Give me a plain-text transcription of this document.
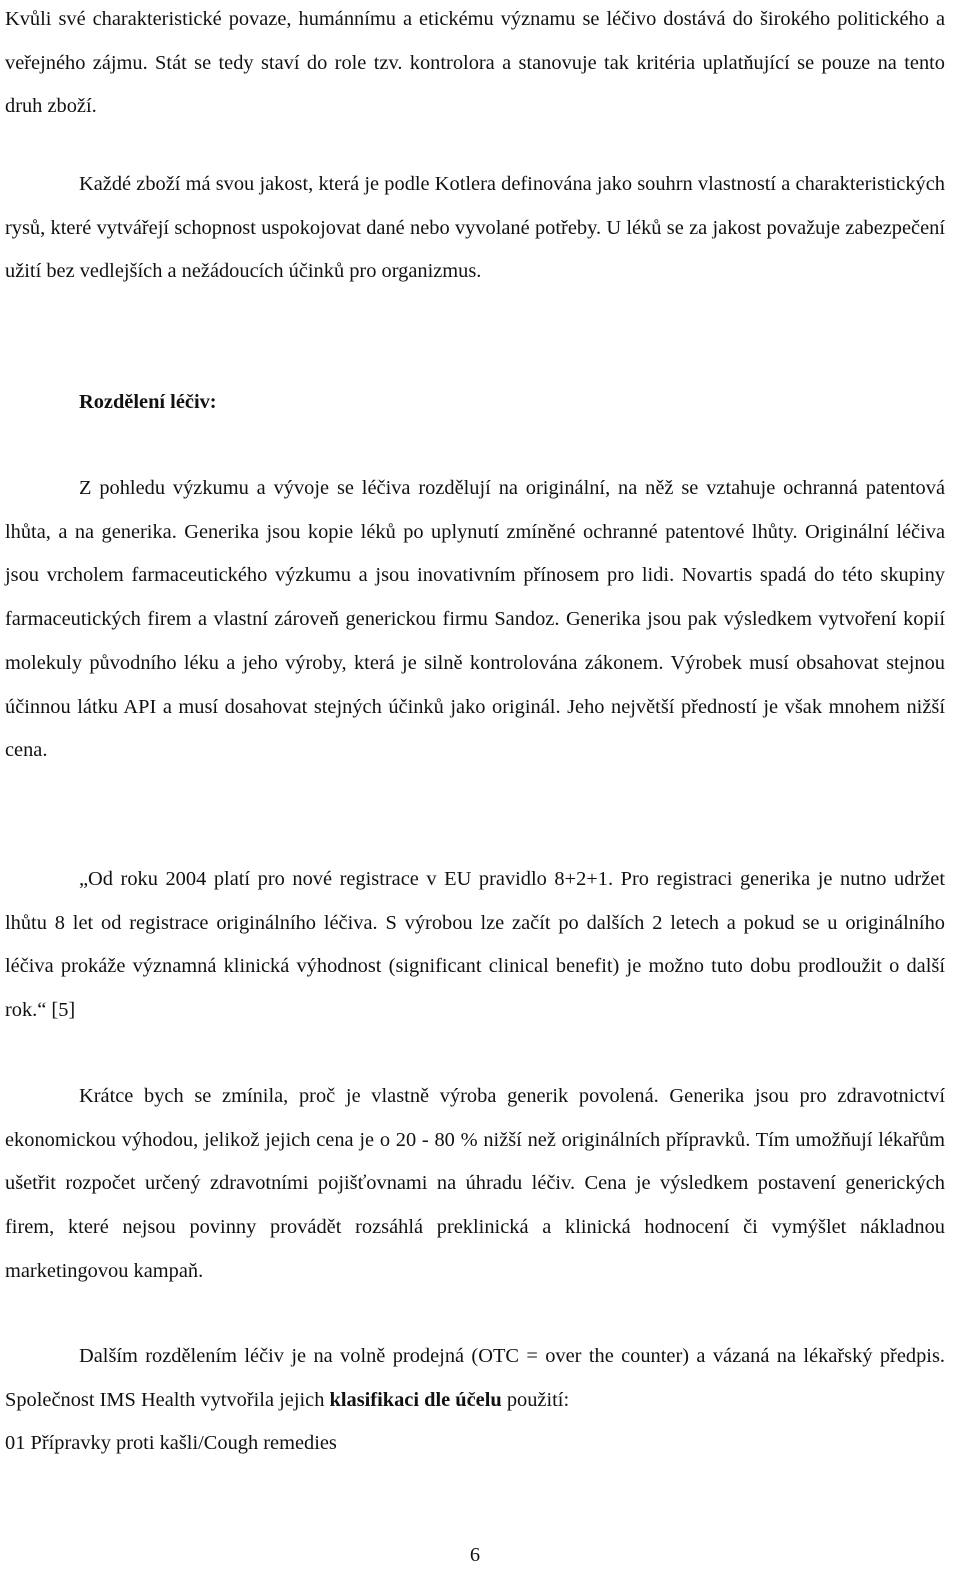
Kvůli své charakteristické povaze, humánnímu a etickému významu se léčivo dostává do širokého politického a veřejného zájmu. Stát se tedy staví do role tzv. kontrolora a stanovuje tak kritéria uplatňující se pouze na tento druh zboží.

Každé zboží má svou jakost, která je podle Kotlera definována jako souhrn vlastností a charakteristických rysů, které vytvářejí schopnost uspokojovat dané nebo vyvolané potřeby. U léků se za jakost považuje zabezpečení užití bez vedlejších a nežádoucích účinků pro organizmus.

Rozdělení léčiv:

Z pohledu výzkumu a vývoje se léčiva rozdělují na originální, na něž se vztahuje ochranná patentová lhůta, a na generika. Generika jsou kopie léků po uplynutí zmíněné ochranné patentové lhůty. Originální léčiva jsou vrcholem farmaceutického výzkumu a jsou inovativním přínosem pro lidi. Novartis spadá do této skupiny farmaceutických firem a vlastní zároveň generickou firmu Sandoz. Generika jsou pak výsledkem vytvoření kopií molekuly původního léku a jeho výroby, která je silně kontrolována zákonem. Výrobek musí obsahovat stejnou účinnou látku API a musí dosahovat stejných účinků jako originál. Jeho největší předností je však mnohem nižší cena.

„Od roku 2004 platí pro nové registrace v EU pravidlo 8+2+1. Pro registraci generika je nutno udržet lhůtu 8 let od registrace originálního léčiva. S výrobou lze začít po dalších 2 letech a pokud se u originálního léčiva prokáže významná klinická výhodnost (significant clinical benefit) je možno tuto dobu prodloužit o další rok.“ [5]

Krátce bych se zmínila, proč je vlastně výroba generik povolená. Generika jsou pro zdravotnictví ekonomickou výhodou, jelikož jejich cena je o 20 - 80 % nižší než originálních přípravků. Tím umožňují lékařům ušetřit rozpočet určený zdravotními pojišťovnami na úhradu léčiv. Cena je výsledkem postavení generických firem, které nejsou povinny provádět rozsáhlá preklinická a klinická hodnocení či vymýšlet nákladnou marketingovou kampaň.

Dalším rozdělením léčiv je na volně prodejná (OTC = over the counter) a vázaná na lékařský předpis. Společnost IMS Health vytvořila jejich klasifikaci dle účelu použití:

01 Přípravky proti kašli/Cough remedies

6
